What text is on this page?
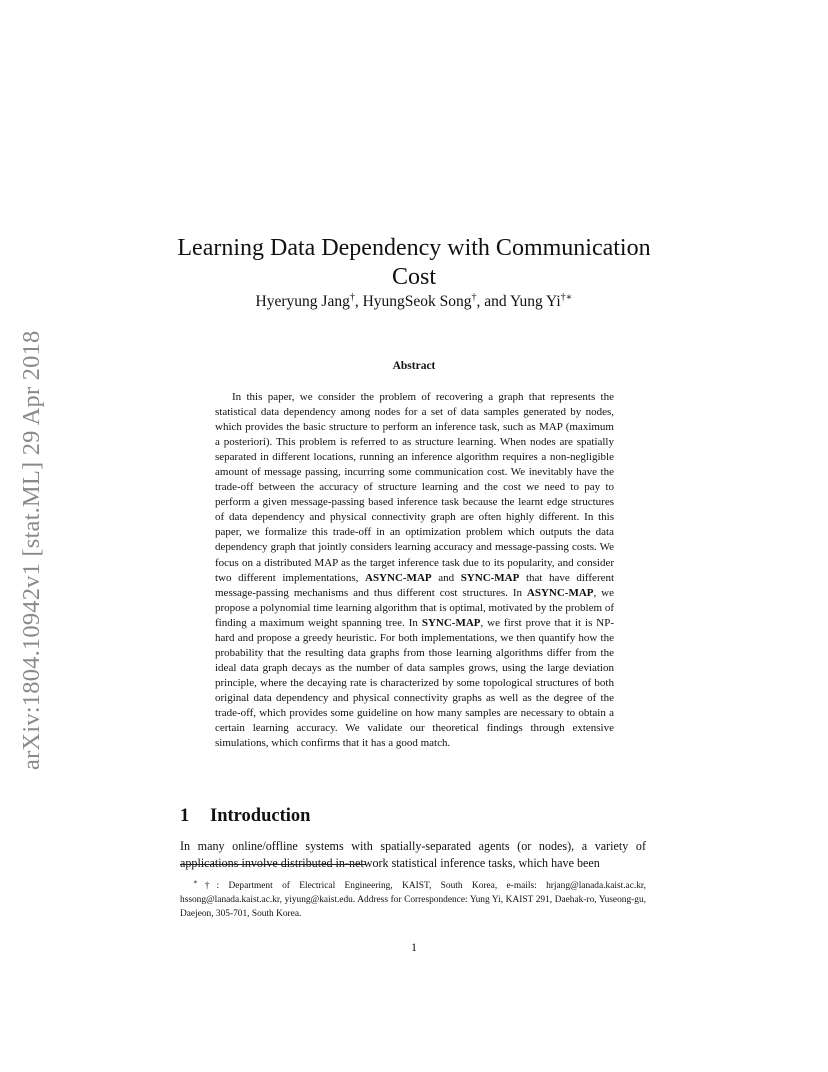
arXiv:1804.10942v1 [stat.ML] 29 Apr 2018
Learning Data Dependency with Communication
Cost
Hyeryung Jang†, HyungSeok Song†, and Yung Yi†∗
Abstract

In this paper, we consider the problem of recovering a graph that represents the statistical data dependency among nodes for a set of data samples generated by nodes, which provides the basic structure to perform an inference task, such as MAP (maximum a posteriori). This problem is referred to as structure learning. When nodes are spatially separated in different locations, running an inference algorithm requires a non-negligible amount of message passing, incurring some communication cost. We inevitably have the trade-off between the accuracy of structure learning and the cost we need to pay to perform a given message-passing based inference task because the learnt edge structures of data dependency and physical connectivity graph are often highly different. In this paper, we formalize this trade-off in an optimization problem which outputs the data dependency graph that jointly considers learning accuracy and message-passing costs. We focus on a distributed MAP as the target inference task due to its popularity, and consider two different implementations, ASYNC-MAP and SYNC-MAP that have different message-passing mechanisms and thus different cost structures. In ASYNC-MAP, we propose a polynomial time learning algorithm that is optimal, motivated by the problem of finding a maximum weight spanning tree. In SYNC-MAP, we first prove that it is NP-hard and propose a greedy heuristic. For both implementations, we then quantify how the probability that the resulting data graphs from those learning algorithms differ from the ideal data graph decays as the number of data samples grows, using the large deviation principle, where the decaying rate is characterized by some topological structures of both original data dependency and physical connectivity graphs as well as the degree of the trade-off, which provides some guideline on how many samples are necessary to obtain a certain learning accuracy. We validate our theoretical findings through extensive simulations, which confirms that it has a good match.

1 Introduction

In many online/offline systems with spatially-separated agents (or nodes), a variety of applications involve distributed in-network statistical inference tasks, which have been

∗†: Department of Electrical Engineering, KAIST, South Korea, e-mails: hrjang@lanada.kaist.ac.kr, hssong@lanada.kaist.ac.kr, yiyung@kaist.edu. Address for Correspondence: Yung Yi, KAIST 291, Daehak-ro, Yuseong-gu, Daejeon, 305-701, South Korea.

1
